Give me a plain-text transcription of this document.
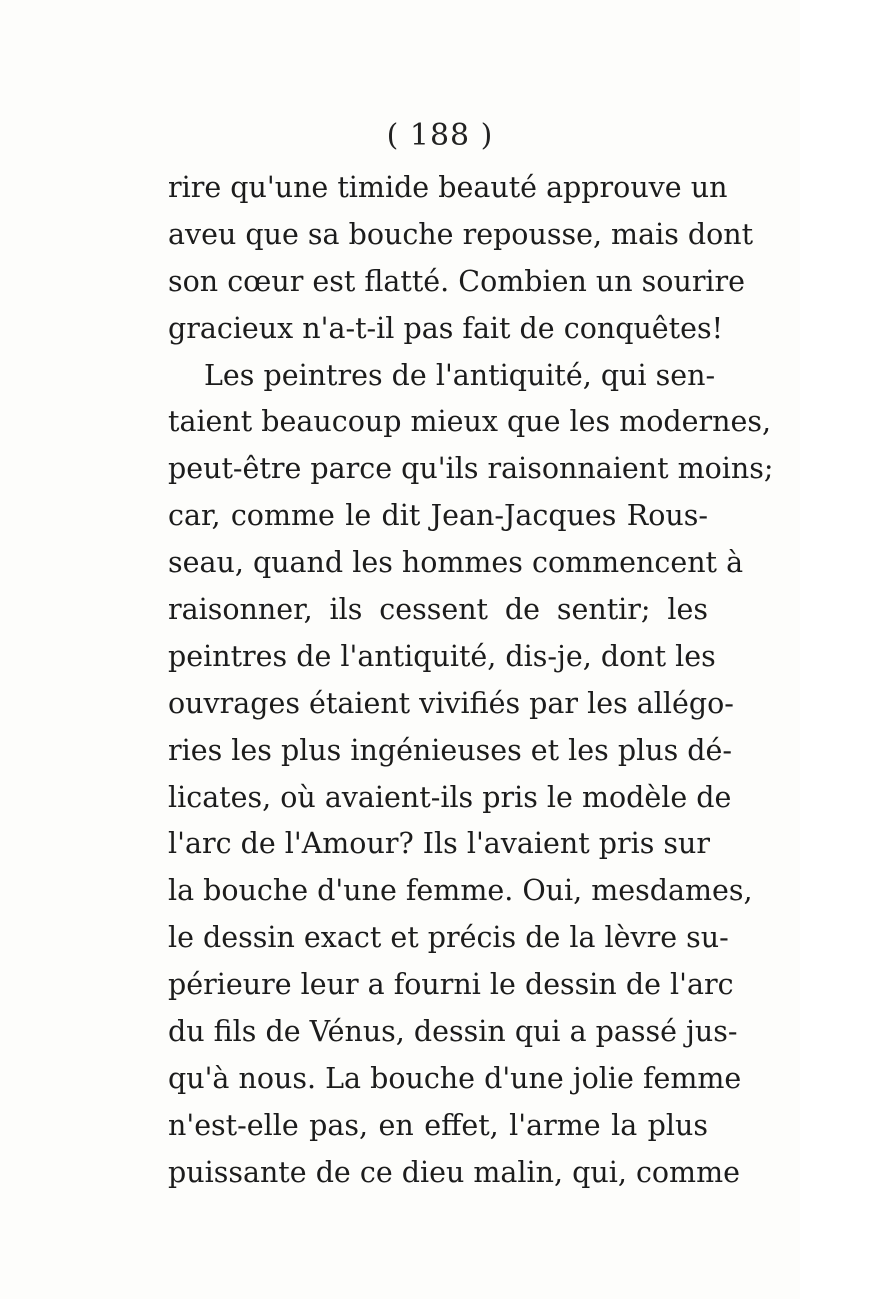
( 188 )
rire qu'une timide beauté approuve un
aveu que sa bouche repousse, mais dont
son cœur est flatté. Combien un sourire
gracieux n'a-t-il pas fait de conquêtes!
Les peintres de l'antiquité, qui sen-
taient beaucoup mieux que les modernes,
peut-être parce qu'ils raisonnaient moins;
car, comme le dit Jean-Jacques Rous-
seau, quand les hommes commencent à
raisonner, ils cessent de sentir; les
peintres de l'antiquité, dis-je, dont les
ouvrages étaient vivifiés par les allégo-
ries les plus ingénieuses et les plus dé-
licates, où avaient-ils pris le modèle de
l'arc de l'Amour? Ils l'avaient pris sur
la bouche d'une femme. Oui, mesdames,
le dessin exact et précis de la lèvre su-
périeure leur a fourni le dessin de l'arc
du fils de Vénus, dessin qui a passé jus-
qu'à nous. La bouche d'une jolie femme
n'est-elle pas, en effet, l'arme la plus
puissante de ce dieu malin, qui, comme
